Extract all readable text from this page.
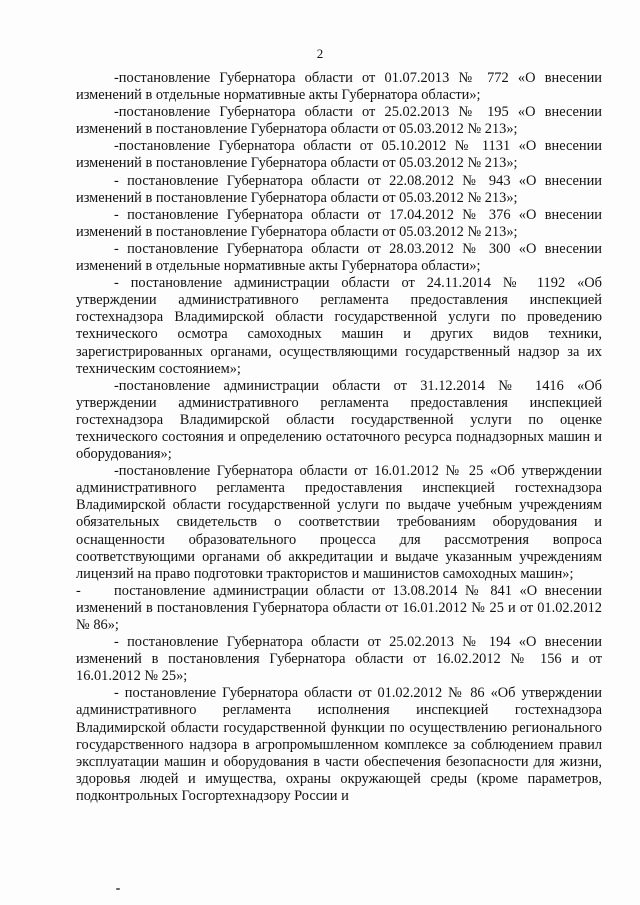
2

-постановление Губернатора области от 01.07.2013 № 772 «О внесении изменений в отдельные нормативные акты Губернатора области»;

-постановление Губернатора области от 25.02.2013 № 195 «О внесении изменений в постановление Губернатора области от 05.03.2012 № 213»;

-постановление Губернатора области от 05.10.2012 № 1131 «О внесении изменений в постановление Губернатора области от 05.03.2012 № 213»;

- постановление Губернатора области от 22.08.2012 № 943 «О внесении изменений в постановление Губернатора области от 05.03.2012 № 213»;

- постановление Губернатора области от 17.04.2012 № 376 «О внесении изменений в постановление Губернатора области от 05.03.2012 № 213»;

- постановление Губернатора области от 28.03.2012 № 300 «О внесении изменений в отдельные нормативные акты Губернатора области»;

- постановление администрации области от 24.11.2014 № 1192 «Об утверждении административного регламента предоставления инспекцией гостехнадзора Владимирской области государственной услуги по проведению технического осмотра самоходных машин и других видов техники, зарегистрированных органами, осуществляющими государственный надзор за их техническим состоянием»;

-постановление администрации области от 31.12.2014 № 1416 «Об утверждении административного регламента предоставления инспекцией гостехнадзора Владимирской области государственной услуги по оценке технического состояния и определению остаточного ресурса поднадзорных машин и оборудования»;

-постановление Губернатора области от 16.01.2012 № 25 «Об утверждении административного регламента предоставления инспекцией гостехнадзора Владимирской области государственной услуги по выдаче учебным учреждениям обязательных свидетельств о соответствии требованиям оборудования и оснащенности образовательного процесса для рассмотрения вопроса соответствующими органами об аккредитации и выдаче указанным учреждениям лицензий на право подготовки трактористов и машинистов самоходных машин»;

- постановление администрации области от 13.08.2014 № 841 «О внесении изменений в постановления Губернатора области от 16.01.2012 № 25 и от 01.02.2012 № 86»;

- постановление Губернатора области от 25.02.2013 № 194 «О внесении изменений в постановления Губернатора области от 16.02.2012 № 156 и от 16.01.2012 № 25»;

- постановление Губернатора области от 01.02.2012 № 86 «Об утверждении административного регламента исполнения инспекцией гостехнадзора Владимирской области государственной функции по осуществлению регионального государственного надзора в агропромышленном комплексе за соблюдением правил эксплуатации машин и оборудования в части обеспечения безопасности для жизни, здоровья людей и имущества, охраны окружающей среды (кроме параметров, подконтрольных Госгортехнадзору России и
